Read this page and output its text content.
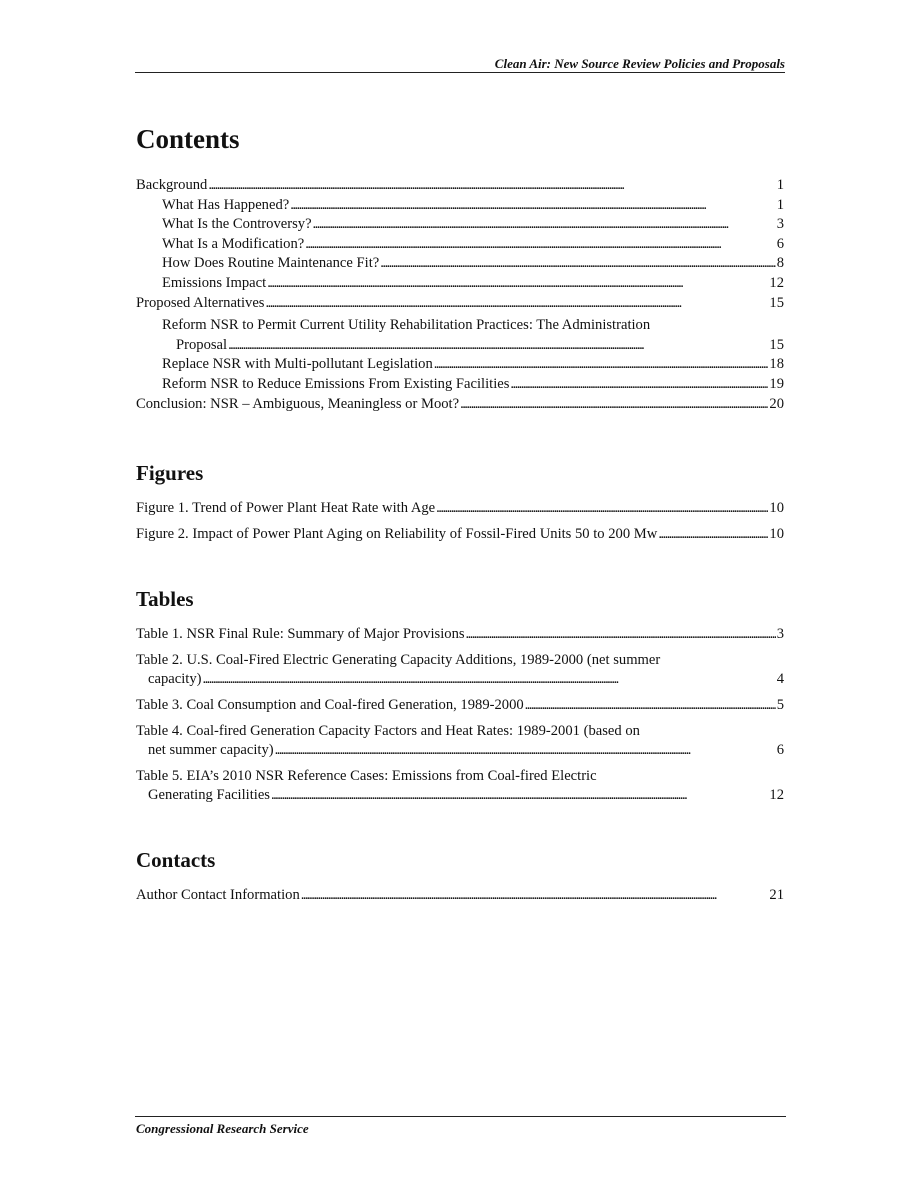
Clean Air: New Source Review Policies and Proposals
Contents
Background . . .	1
What Has Happened? . . .	1
What Is the Controversy? . . .	3
What Is a Modification? . . .	6
How Does Routine Maintenance Fit? . . .	8
Emissions Impact . . .	12
Proposed Alternatives . . .	15
Reform NSR to Permit Current Utility Rehabilitation Practices: The Administration
Proposal . . .	15
Replace NSR with Multi-pollutant Legislation . . .	18
Reform NSR to Reduce Emissions From Existing Facilities . . .	19
Conclusion: NSR – Ambiguous, Meaningless or Moot? . . .	20
Figures
Figure 1. Trend of Power Plant Heat Rate with Age . . .	10
Figure 2. Impact of Power Plant Aging on Reliability of Fossil-Fired Units 50 to 200 Mw . . .	10
Tables
Table 1. NSR Final Rule: Summary of Major Provisions . . .	3
Table 2. U.S. Coal-Fired Electric Generating Capacity Additions, 1989-2000 (net summer
capacity) . . .	4
Table 3. Coal Consumption and Coal-fired Generation, 1989-2000 . . .	5
Table 4. Coal-fired Generation Capacity Factors and Heat Rates: 1989-2001 (based on
net summer capacity) . . .	6
Table 5. EIA’s 2010 NSR Reference Cases: Emissions from Coal-fired Electric
Generating Facilities . . .	12
Contacts
Author Contact Information . . .	21
Congressional Research Service
